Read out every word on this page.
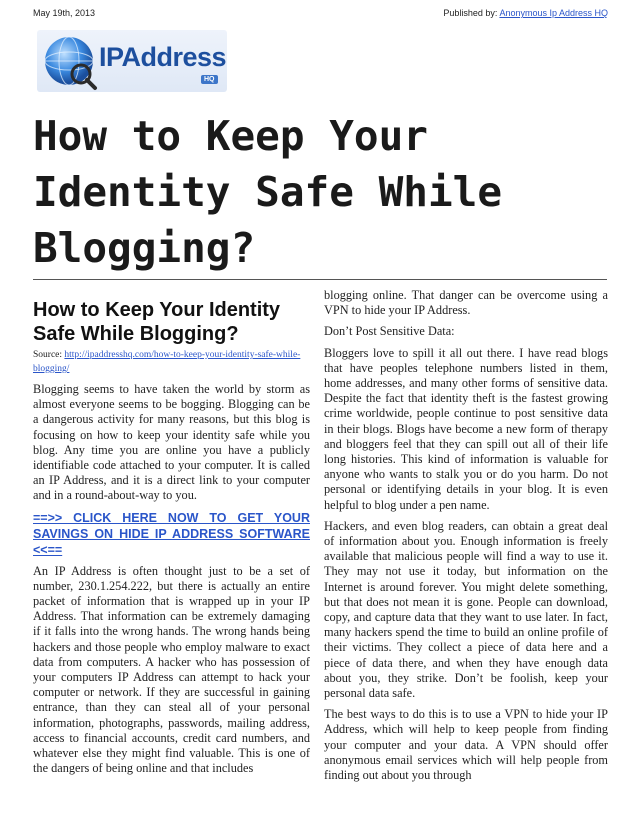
May 19th, 2013	Published by: Anonymous Ip Address HQ
IPAddress
HQ
How to Keep Your Identity Safe While Blogging?
How to Keep Your Identity Safe While Blogging?
Source: http://ipaddresshq.com/how-to-keep-your-identity-safe-while-blogging/

Blogging seems to have taken the world by storm as almost everyone seems to be bogging. Blogging can be a dangerous activity for many reasons, but this blog is focusing on how to keep your identity safe while you blog. Any time you are online you have a publicly identifiable code attached to your computer. It is called an IP Address, and it is a direct link to your computer and in a round-about-way to you.

==>> CLICK HERE NOW TO GET YOUR SAVINGS ON HIDE IP ADDRESS SOFTWARE <<==

An IP Address is often thought just to be a set of number, 230.1.254.222, but there is actually an entire packet of information that is wrapped up in your IP Address. That information can be extremely damaging if it falls into the wrong hands. The wrong hands being hackers and those people who employ malware to exact data from computers. A hacker who has possession of your computers IP Address can attempt to hack your computer or network. If they are successful in gaining entrance, than they can steal all of your personal information, photographs, passwords, mailing address, access to financial accounts, credit card numbers, and whatever else they might find valuable. This is one of the dangers of being online and that includes

blogging online. That danger can be overcome using a VPN to hide your IP Address.

Don’t Post Sensitive Data:

Bloggers love to spill it all out there. I have read blogs that have peoples telephone numbers listed in them, home addresses, and many other forms of sensitive data. Despite the fact that identity theft is the fastest growing crime worldwide, people continue to post sensitive data in their blogs. Blogs have become a new form of therapy and bloggers feel that they can spill out all of their life long histories. This kind of information is valuable for anyone who wants to stalk you or do you harm. Do not personal or identifying details in your blog. It is even helpful to blog under a pen name.

Hackers, and even blog readers, can obtain a great deal of information about you. Enough information is freely available that malicious people will find a way to use it. They may not use it today, but information on the Internet is around forever. You might delete something, but that does not mean it is gone. People can download, copy, and capture data that they want to use later. In fact, many hackers spend the time to build an online profile of their victims. They collect a piece of data here and a piece of data there, and when they have enough data about you, they strike. Don’t be foolish, keep your personal data safe.

The best ways to do this is to use a VPN to hide your IP Address, which will help to keep people from finding your computer and your data. A VPN should offer anonymous email services which will help people from finding out about you through
